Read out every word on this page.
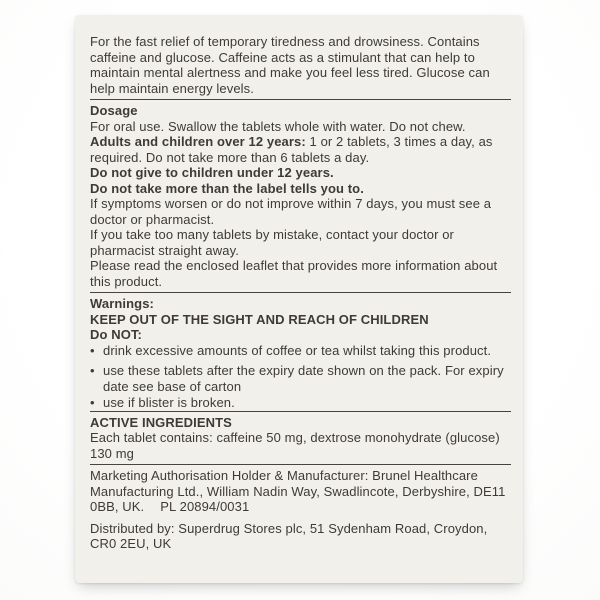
For the fast relief of temporary tiredness and drowsiness. Contains caffeine and glucose. Caffeine acts as a stimulant that can help to maintain mental alertness and make you feel less tired. Glucose can help maintain energy levels.

Dosage

For oral use. Swallow the tablets whole with water. Do not chew.

Adults and children over 12 years: 1 or 2 tablets, 3 times a day, as required. Do not take more than 6 tablets a day.

Do not give to children under 12 years.

Do not take more than the label tells you to.

If symptoms worsen or do not improve within 7 days, you must see a doctor or pharmacist.

If you take too many tablets by mistake, contact your doctor or pharmacist straight away.

Please read the enclosed leaflet that provides more information about this product.

Warnings:

KEEP OUT OF THE SIGHT AND REACH OF CHILDREN

Do NOT:

• drink excessive amounts of coffee or tea whilst taking this product.
• use these tablets after the expiry date shown on the pack. For expiry date see base of carton
• use if blister is broken.

ACTIVE INGREDIENTS

Each tablet contains: caffeine 50 mg, dextrose monohydrate (glucose) 130 mg

Marketing Authorisation Holder & Manufacturer: Brunel Healthcare Manufacturing Ltd., William Nadin Way, Swadlincote, Derbyshire, DE11 0BB, UK. PL 20894/0031

Distributed by: Superdrug Stores plc, 51 Sydenham Road, Croydon, CR0 2EU, UK
